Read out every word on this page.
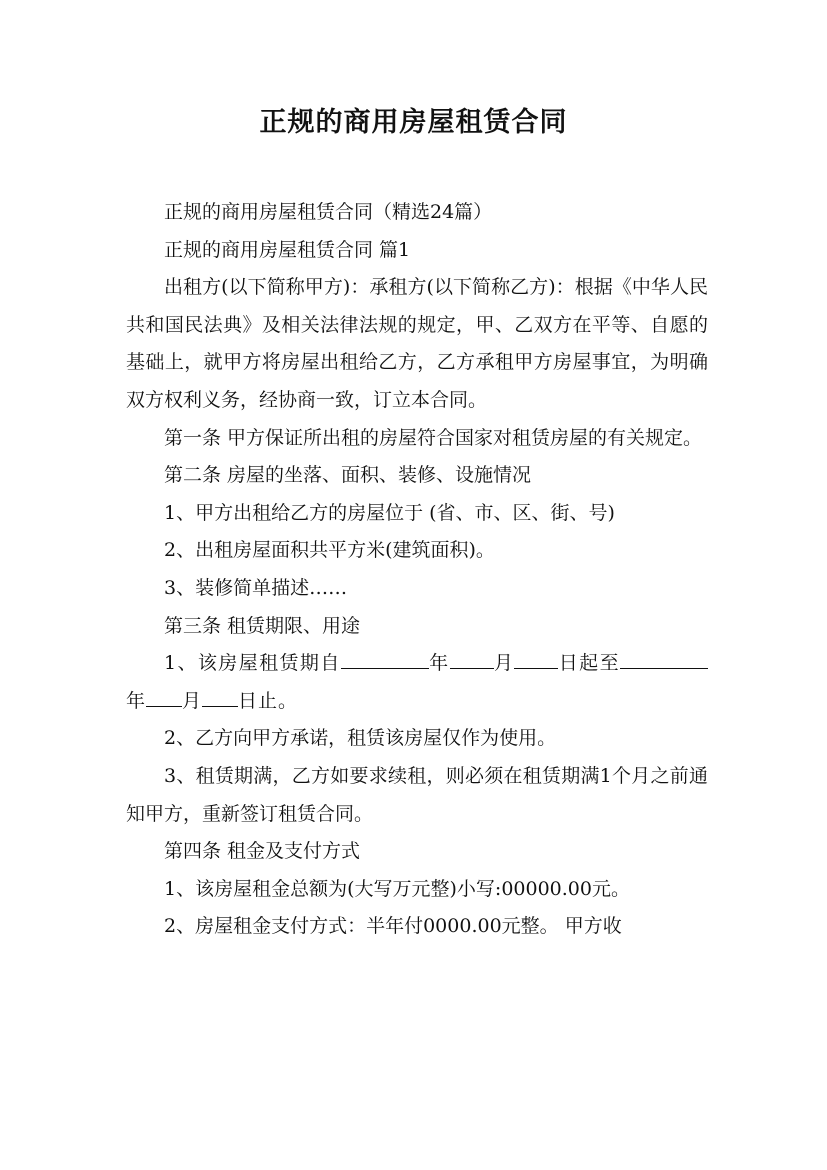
正规的商用房屋租赁合同

正规的商用房屋租赁合同（精选24篇）

正规的商用房屋租赁合同 篇1

出租方(以下简称甲方)：承租方(以下简称乙方)：根据《中华人民共和国民法典》及相关法律法规的规定，甲、乙双方在平等、自愿的基础上，就甲方将房屋出租给乙方，乙方承租甲方房屋事宜，为明确双方权利义务，经协商一致，订立本合同。

第一条 甲方保证所出租的房屋符合国家对租赁房屋的有关规定。

第二条 房屋的坐落、面积、装修、设施情况

1、甲方出租给乙方的房屋位于 (省、市、区、街、号)

2、出租房屋面积共平方米(建筑面积)。

3、装修简单描述……

第三条 租赁期限、用途

1、该房屋租赁期自	年 月 日起至年 月 日止。

2、乙方向甲方承诺，租赁该房屋仅作为使用。

3、租赁期满，乙方如要求续租，则必须在租赁期满1个月之前通知甲方，重新签订租赁合同。

第四条 租金及支付方式

1、该房屋租金总额为(大写万元整)小写:00000.00元。

2、房屋租金支付方式：半年付0000.00元整。 甲方收
